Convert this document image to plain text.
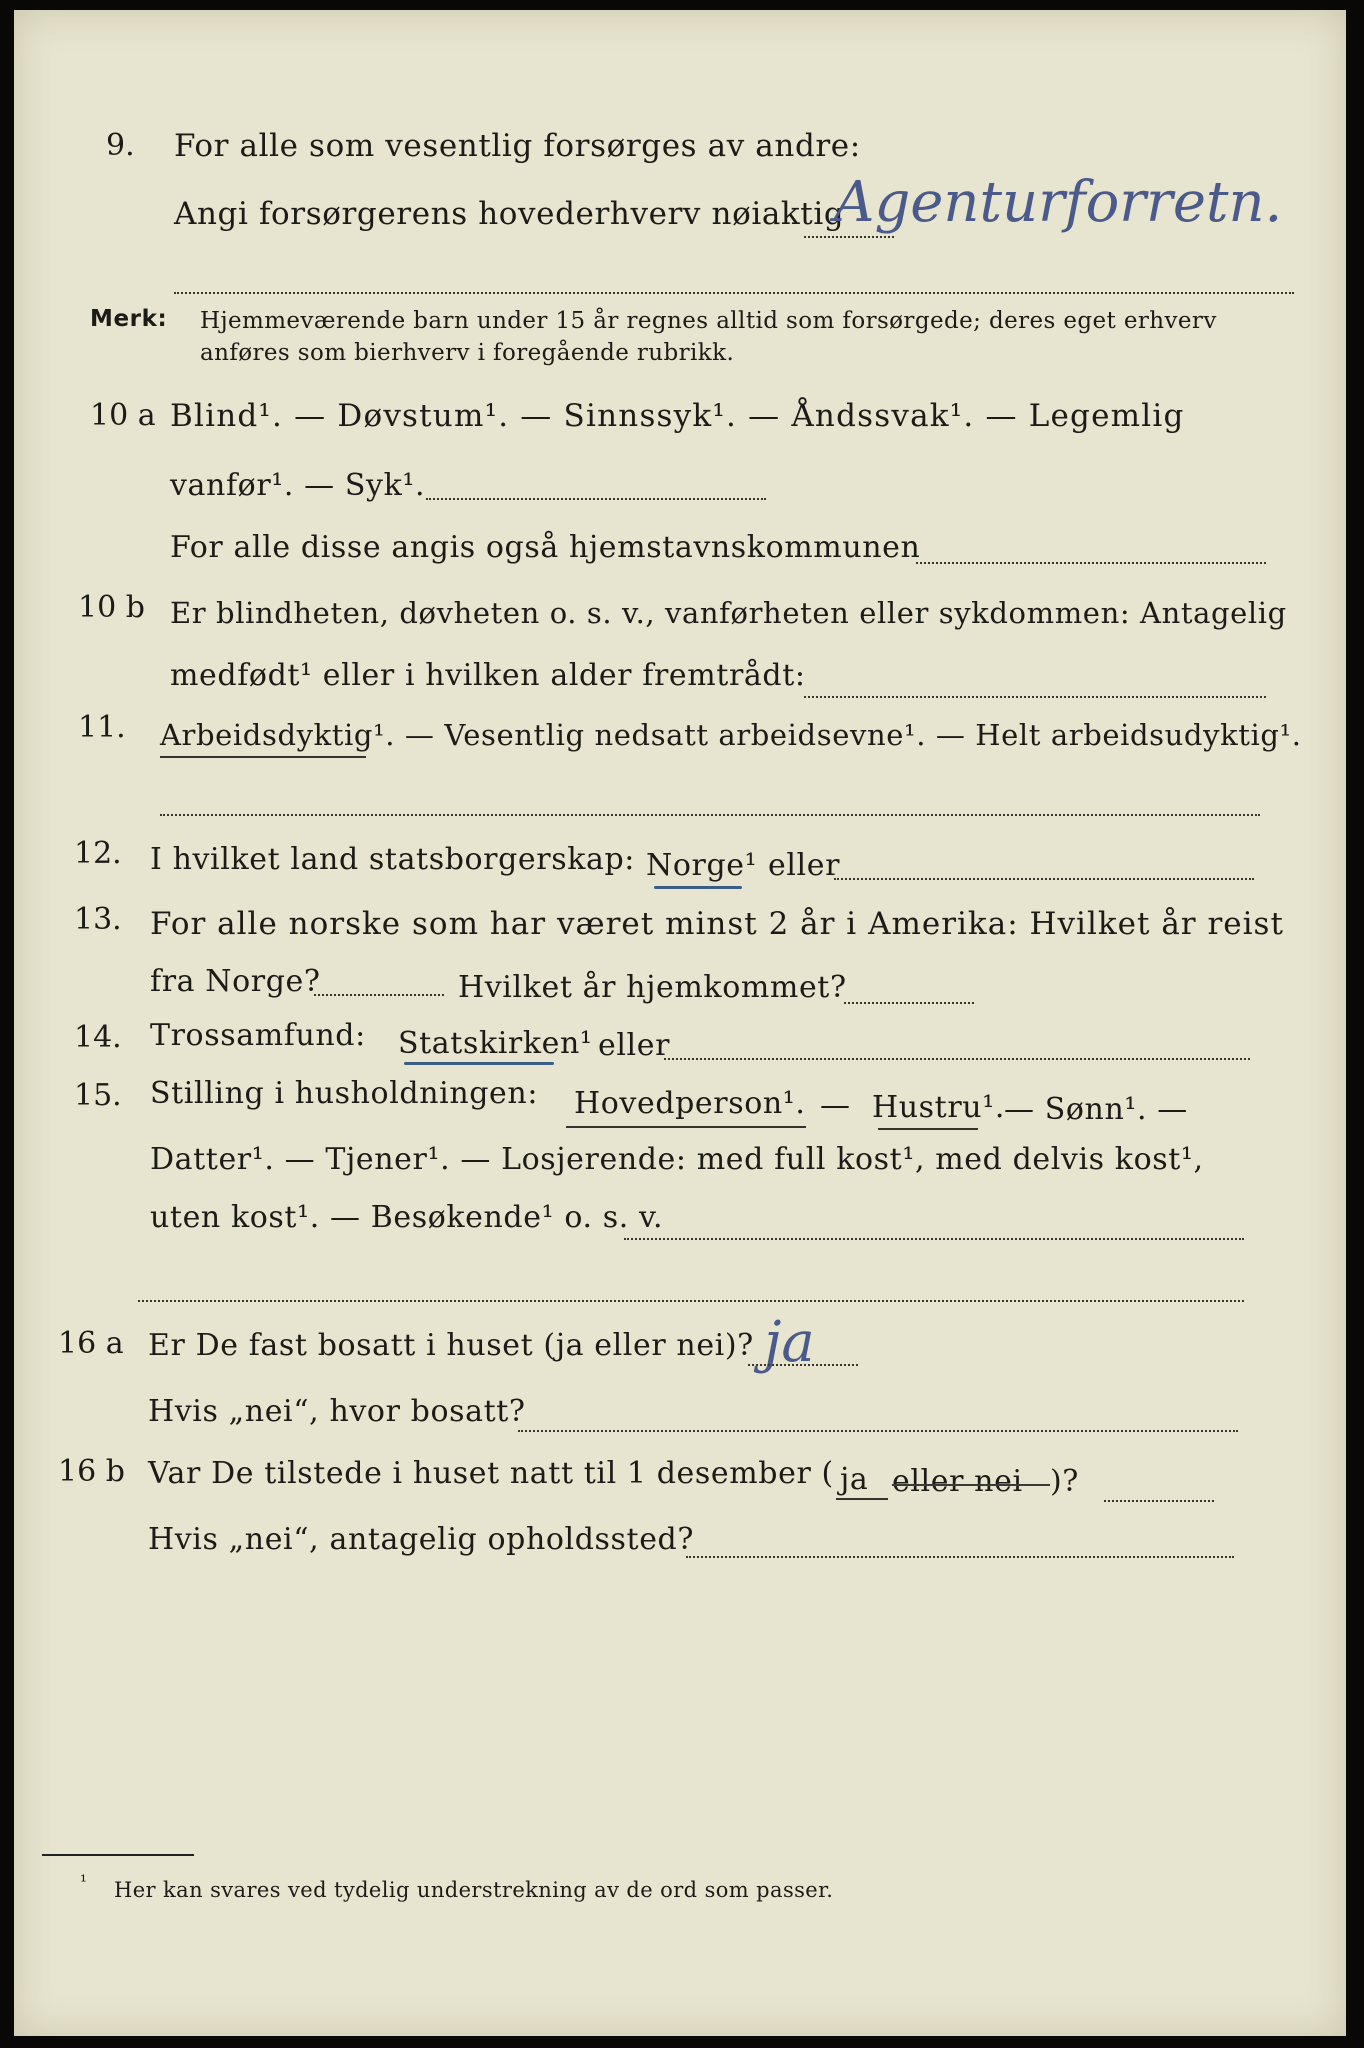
9. For alle som vesentlig forsørges av andre:
Angi forsørgerens hovederhverv nøiaktig
Agenturforretn.
Merk: Hjemmeværende barn under 15 år regnes alltid som forsørgede; deres eget erhverv
anføres som bierhverv i foregående rubrikk.
10 a Blind¹. — Døvstum¹. — Sinnssyk¹. — Åndssvak¹. — Legemlig
vanfør¹. — Syk¹.
For alle disse angis også hjemstavnskommunen
10 b Er blindheten, døvheten o. s. v., vanførheten eller sykdommen: Antagelig
medfødt¹ eller i hvilken alder fremtrådt:
11. Arbeidsdyktig¹. — Vesentlig nedsatt arbeidsevne¹. — Helt arbeidsudyktig¹.
12. I hvilket land statsborgerskap: Norge¹ eller
13. For alle norske som har været minst 2 år i Amerika: Hvilket år reist
fra Norge?	Hvilket år hjemkommet?
14. Trossamfund: Statskirken¹ eller
15. Stilling i husholdningen: Hovedperson¹. — Hustru¹. — Sønn¹. —
Datter¹. — Tjener¹. — Losjerende: med full kost¹, med delvis kost¹,
uten kost¹. — Besøkende¹ o. s. v.
16 a Er De fast bosatt i huset (ja eller nei)? ja
Hvis „nei“, hvor bosatt?
16 b Var De tilstede i huset natt til 1 desember ( ja eller nei )?
Hvis „nei“, antagelig opholdssted?
¹ Her kan svares ved tydelig understrekning av de ord som passer.
